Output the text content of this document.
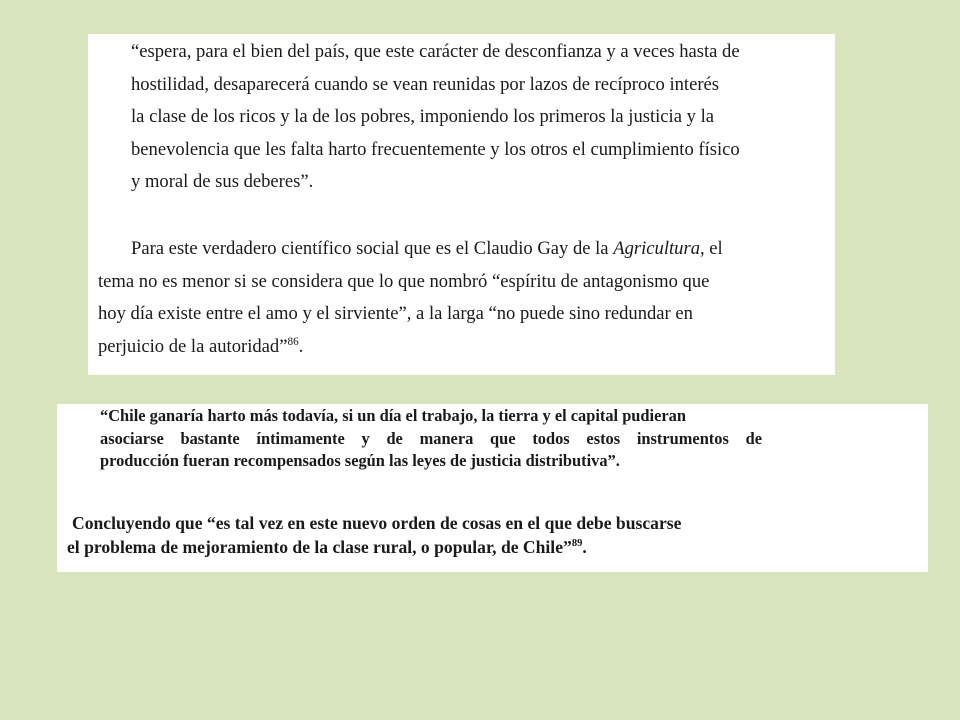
“espera, para el bien del país, que este carácter de desconfianza y a veces hasta de
hostilidad, desaparecerá cuando se vean reunidas por lazos de recíproco interés
la clase de los ricos y la de los pobres, imponiendo los primeros la justicia y la
benevolencia que les falta harto frecuentemente y los otros el cumplimiento físico
y moral de sus deberes”.
Para este verdadero científico social que es el Claudio Gay de la Agricultura, el
tema no es menor si se considera que lo que nombró “espíritu de antagonismo que
hoy día existe entre el amo y el sirviente”, a la larga “no puede sino redundar en
perjuicio de la autoridad”$^{86}$.
“Chile ganaría harto más todavía, si un día el trabajo, la tierra y el capital pudieran
asociarse bastante íntimamente y de manera que todos estos instrumentos de
producción fueran recompensados según las leyes de justicia distributiva”.
Concluyendo que “es tal vez en este nuevo orden de cosas en el que debe buscarse
el problema de mejoramiento de la clase rural, o popular, de Chile”$^{89}$.
